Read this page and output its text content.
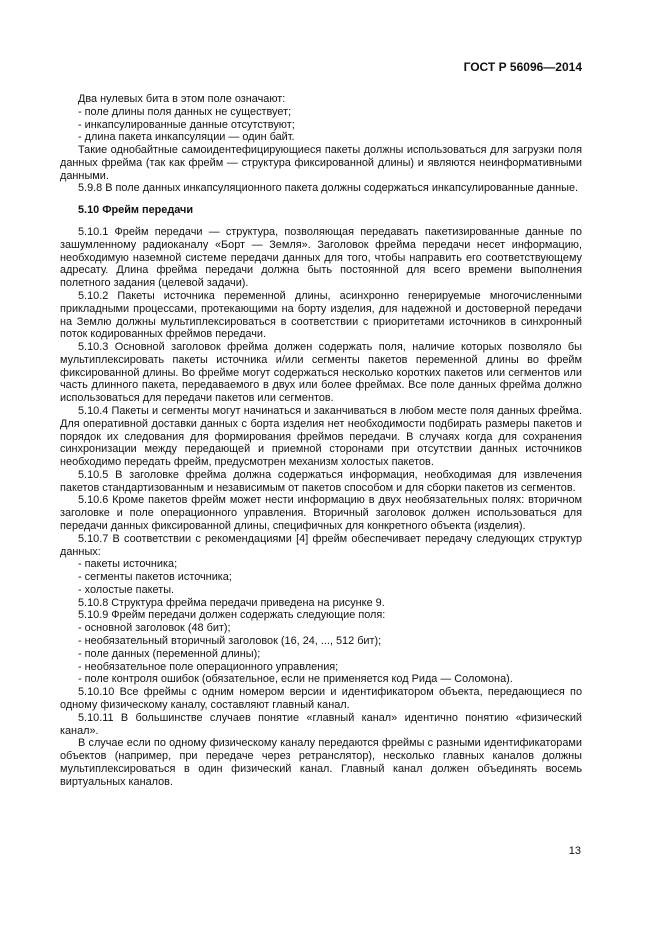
ГОСТ Р 56096—2014

Два нулевых бита в этом поле означают:

- поле длины поля данных не существует;

- инкапсулированные данные отсутствуют;

- длина пакета инкапсуляции — один байт.

Такие однобайтные самоидентефицирующиеся пакеты должны использоваться для загрузки поля данных фрейма (так как фрейм — структура фиксированной длины) и являются неинформативными данными.

5.9.8 В поле данных инкапсуляционного пакета должны содержаться инкапсулированные данные.

5.10 Фрейм передачи

5.10.1 Фрейм передачи — структура, позволяющая передавать пакетизированные данные по зашумленному радиоканалу «Борт — Земля». Заголовок фрейма передачи несет информацию, необходимую наземной системе передачи данных для того, чтобы направить его соответствующему адресату. Длина фрейма передачи должна быть постоянной для всего времени выполнения полетного задания (целевой задачи).

5.10.2 Пакеты источника переменной длины, асинхронно генерируемые многочисленными прикладными процессами, протекающими на борту изделия, для надежной и достоверной передачи на Землю должны мультиплексироваться в соответствии с приоритетами источников в синхронный поток кодированных фреймов передачи.

5.10.3 Основной заголовок фрейма должен содержать поля, наличие которых позволяло бы мультиплексировать пакеты источника и/или сегменты пакетов переменной длины во фрейм фиксированной длины. Во фрейме могут содержаться несколько коротких пакетов или сегментов или часть длинного пакета, передаваемого в двух или более фреймах. Все поле данных фрейма должно использоваться для передачи пакетов или сегментов.

5.10.4 Пакеты и сегменты могут начинаться и заканчиваться в любом месте поля данных фрейма. Для оперативной доставки данных с борта изделия нет необходимости подбирать размеры пакетов и порядок их следования для формирования фреймов передачи. В случаях когда для сохранения синхронизации между передающей и приемной сторонами при отсутствии данных источников необходимо передать фрейм, предусмотрен механизм холостых пакетов.

5.10.5 В заголовке фрейма должна содержаться информация, необходимая для извлечения пакетов стандартизованным и независимым от пакетов способом и для сборки пакетов из сегментов.

5.10.6 Кроме пакетов фрейм может нести информацию в двух необязательных полях: вторичном заголовке и поле операционного управления. Вторичный заголовок должен использоваться для передачи данных фиксированной длины, специфичных для конкретного объекта (изделия).

5.10.7 В соответствии с рекомендациями [4] фрейм обеспечивает передачу следующих структур данных:

- пакеты источника;

- сегменты пакетов источника;

- холостые пакеты.

5.10.8 Структура фрейма передачи приведена на рисунке 9.

5.10.9 Фрейм передачи должен содержать следующие поля:

- основной заголовок (48 бит);

- необязательный вторичный заголовок (16, 24, ..., 512 бит);

- поле данных (переменной длины);

- необязательное поле операционного управления;

- поле контроля ошибок (обязательное, если не применяется код Рида — Соломона).

5.10.10 Все фреймы с одним номером версии и идентификатором объекта, передающиеся по одному физическому каналу, составляют главный канал.

5.10.11 В большинстве случаев понятие «главный канал» идентично понятию «физический канал».

В случае если по одному физическому каналу передаются фреймы с разными идентификаторами объектов (например, при передаче через ретранслятор), несколько главных каналов должны мультиплексироваться в один физический канал. Главный канал должен объединять восемь виртуальных каналов.

13
